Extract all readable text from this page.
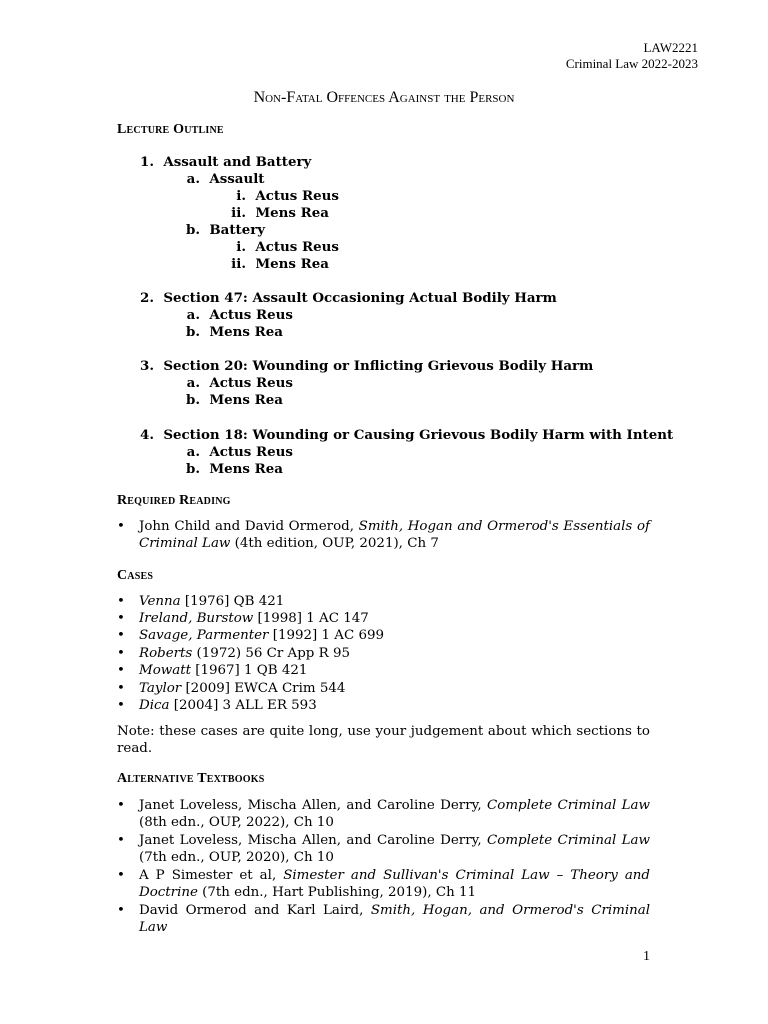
LAW2221
Criminal Law 2022-2023
Non-Fatal Offences Against the Person
Lecture Outline
1. Assault and Battery
a. Assault
i. Actus Reus
ii. Mens Rea
b. Battery
i. Actus Reus
ii. Mens Rea
2. Section 47: Assault Occasioning Actual Bodily Harm
a. Actus Reus
b. Mens Rea
3. Section 20: Wounding or Inflicting Grievous Bodily Harm
a. Actus Reus
b. Mens Rea
4. Section 18: Wounding or Causing Grievous Bodily Harm with Intent
a. Actus Reus
b. Mens Rea
Required Reading
• John Child and David Ormerod, Smith, Hogan and Ormerod's Essentials of Criminal Law (4th edition, OUP, 2021), Ch 7
Cases
• Venna [1976] QB 421
• Ireland, Burstow [1998] 1 AC 147
• Savage, Parmenter [1992] 1 AC 699
• Roberts (1972) 56 Cr App R 95
• Mowatt [1967] 1 QB 421
• Taylor [2009] EWCA Crim 544
• Dica [2004] 3 ALL ER 593
Note: these cases are quite long, use your judgement about which sections to read.
Alternative Textbooks
• Janet Loveless, Mischa Allen, and Caroline Derry, Complete Criminal Law (8th edn., OUP, 2022), Ch 10
• Janet Loveless, Mischa Allen, and Caroline Derry, Complete Criminal Law (7th edn., OUP, 2020), Ch 10
• A P Simester et al, Simester and Sullivan's Criminal Law – Theory and Doctrine (7th edn., Hart Publishing, 2019), Ch 11
• David Ormerod and Karl Laird, Smith, Hogan, and Ormerod's Criminal Law
1
